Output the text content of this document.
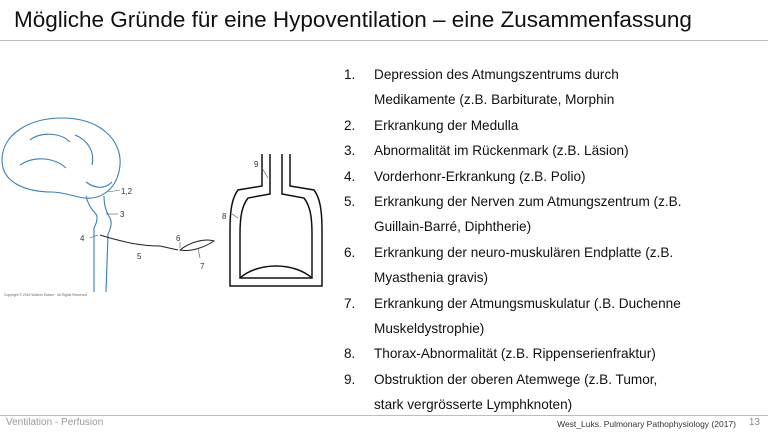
Mögliche Gründe für eine Hypoventilation – eine Zusammenfassung
1. Depression des Atmungszentrums durch
Medikamente (z.B. Barbiturate, Morphin
2. Erkrankung der Medulla
3. Abnormalität im Rückenmark (z.B. Läsion)
4. Vorderhonr-Erkrankung (z.B. Polio)
5. Erkrankung der Nerven zum Atmungszentrum (z.B.
Guillain-Barré, Diphtherie)
6. Erkrankung der neuro-muskulären Endplatte (z.B.
Myasthenia gravis)
7. Erkrankung der Atmungsmuskulatur (.B. Duchenne
Muskeldystrophie)
8. Thorax-Abnormalität (z.B. Rippenserienfraktur)
9. Obstruktion der oberen Atemwege (z.B. Tumor,
stark vergrösserte Lymphknoten)
1,2
3
4
5
6
7
Copyright © 2016 Wolters Kluwer · All Rights Reserved
9
8
Ventilation - Perfusion	West_Luks. Pulmonary Pathophysiology (2017) 13
